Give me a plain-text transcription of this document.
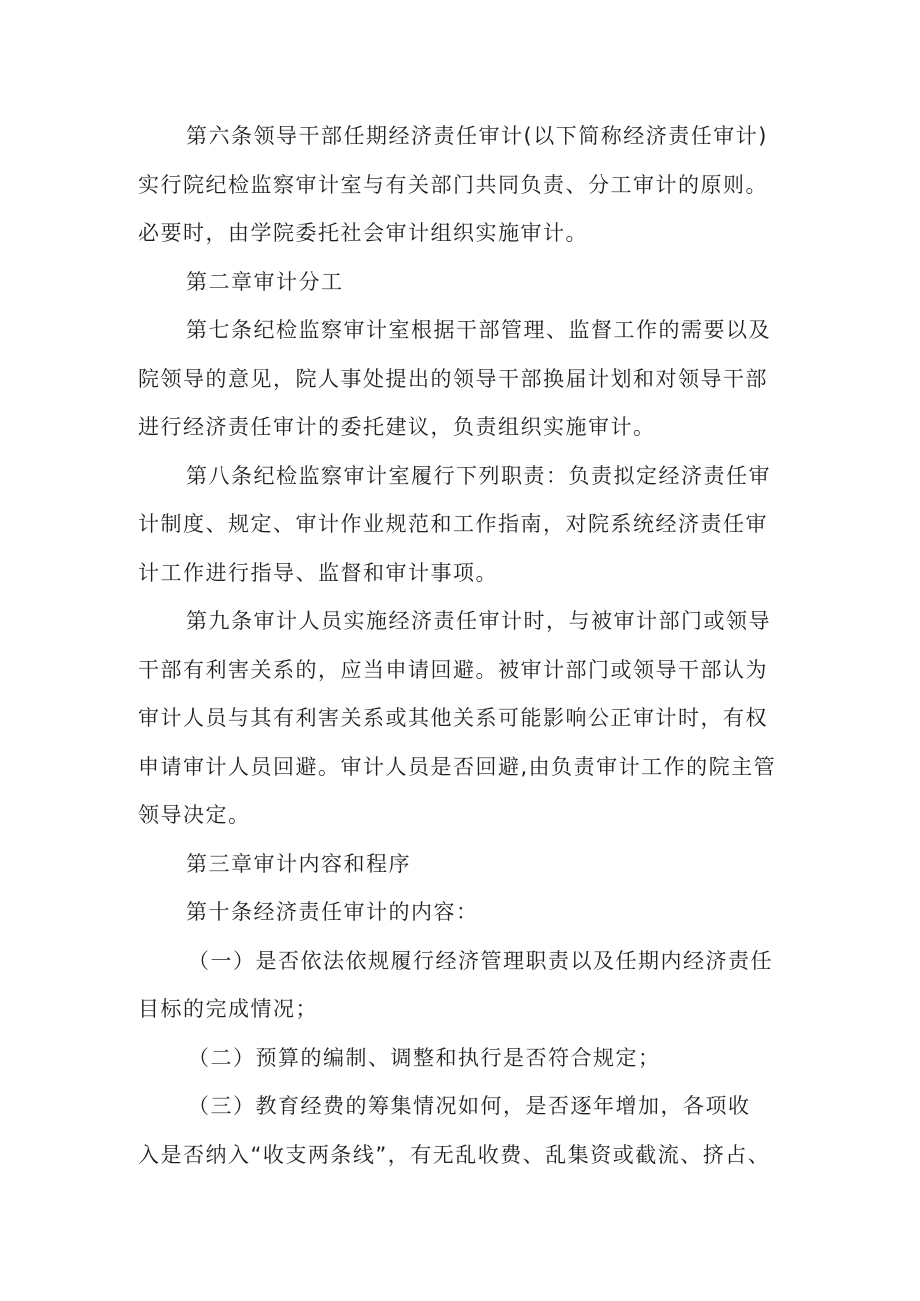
第六条领导干部任期经济责任审计(以下简称经济责任审计)
实行院纪检监察审计室与有关部门共同负责、分工审计的原则。
必要时，由学院委托社会审计组织实施审计。
第二章审计分工
第七条纪检监察审计室根据干部管理、监督工作的需要以及
院领导的意见，院人事处提出的领导干部换届计划和对领导干部
进行经济责任审计的委托建议，负责组织实施审计。
第八条纪检监察审计室履行下列职责：负责拟定经济责任审
计制度、规定、审计作业规范和工作指南，对院系统经济责任审
计工作进行指导、监督和审计事项。
第九条审计人员实施经济责任审计时，与被审计部门或领导
干部有利害关系的，应当申请回避。被审计部门或领导干部认为
审计人员与其有利害关系或其他关系可能影响公正审计时，有权
申请审计人员回避。审计人员是否回避,由负责审计工作的院主管
领导决定。
第三章审计内容和程序
第十条经济责任审计的内容：
（一）是否依法依规履行经济管理职责以及任期内经济责任
目标的完成情况；
（二）预算的编制、调整和执行是否符合规定；
（三）教育经费的筹集情况如何，是否逐年增加，各项收
入是否纳入“收支两条线”，有无乱收费、乱集资或截流、挤占、
